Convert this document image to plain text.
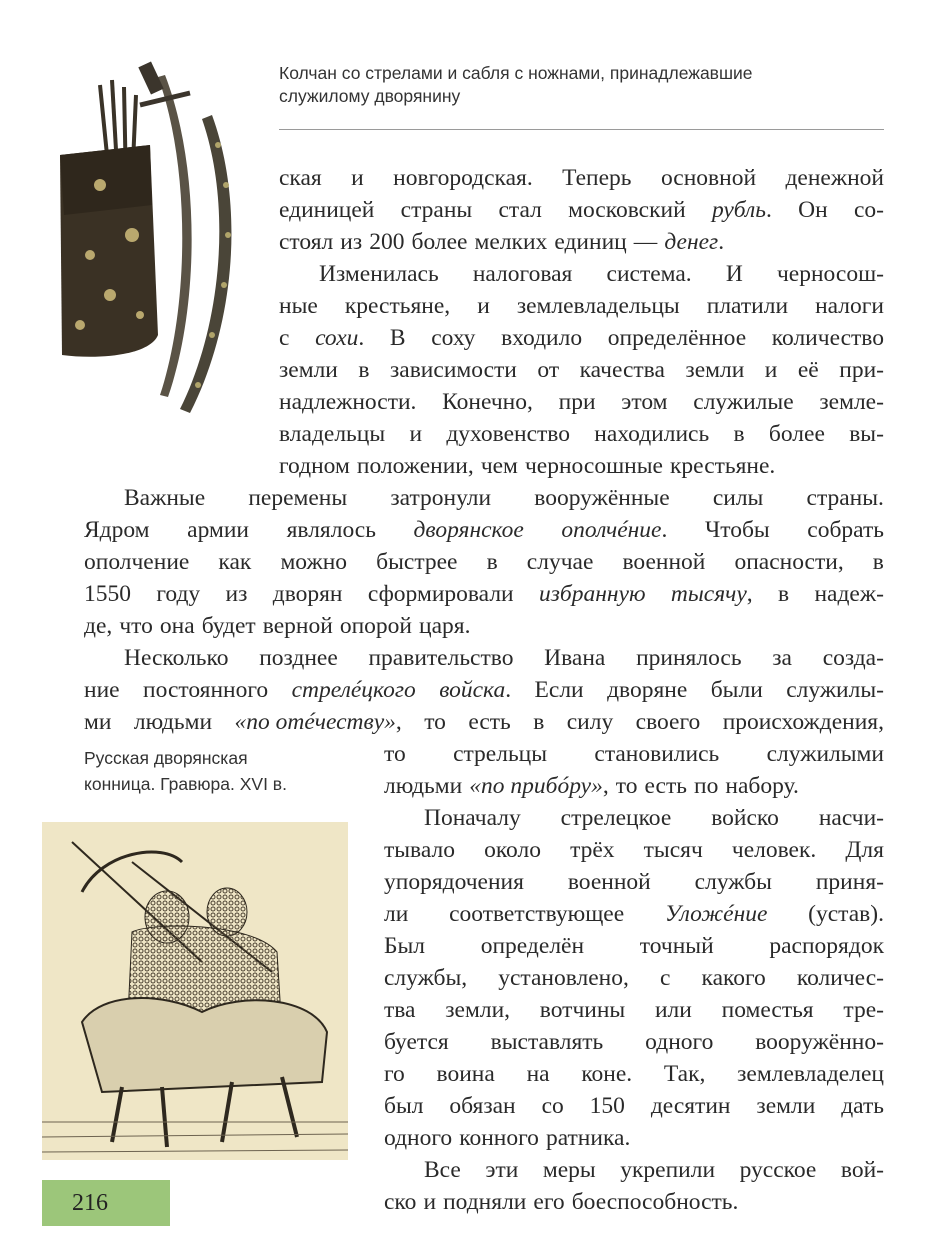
Колчан со стрелами и сабля с ножнами, принадлежавшие
служилому дворянину
Русская дворянская
конница. Гравюра. XVI в.
ская и новгородская. Теперь основной денежной
единицей страны стал московский рубль. Он со-
стоял из 200 более мелких единиц — денег.
Изменилась налоговая система. И черносош-
ные крестьяне, и землевладельцы платили налоги
с сохи. В соху входило определённое количество
земли в зависимости от качества земли и её при-
надлежности. Конечно, при этом служилые земле-
владельцы и духовенство находились в более вы-
годном положении, чем черносошные крестьяне.
Важные перемены затронули вооружённые силы страны.
Ядром армии являлось дворянское ополчéние. Чтобы собрать
ополчение как можно быстрее в случае военной опасности, в
1550 году из дворян сформировали избранную тысячу, в надеж-
де, что она будет верной опорой царя.
Несколько позднее правительство Ивана принялось за созда-
ние постоянного стрелéцкого войска. Если дворяне были служилы-
ми людьми «по отéчеству», то есть в силу своего происхождения,
то стрельцы становились служилыми
людьми «по прибóру», то есть по набору.
Поначалу стрелецкое войско насчи-
тывало около трёх тысяч человек. Для
упорядочения военной службы приня-
ли соответствующее Уложéние (устав).
Был определён точный распорядок
службы, установлено, с какого количес-
тва земли, вотчины или поместья тре-
буется выставлять одного вооружённо-
го воина на коне. Так, землевладелец
был обязан со 150 десятин земли дать
одного конного ратника.
Все эти меры укрепили русское вой-
ско и подняли его боеспособность.
216
